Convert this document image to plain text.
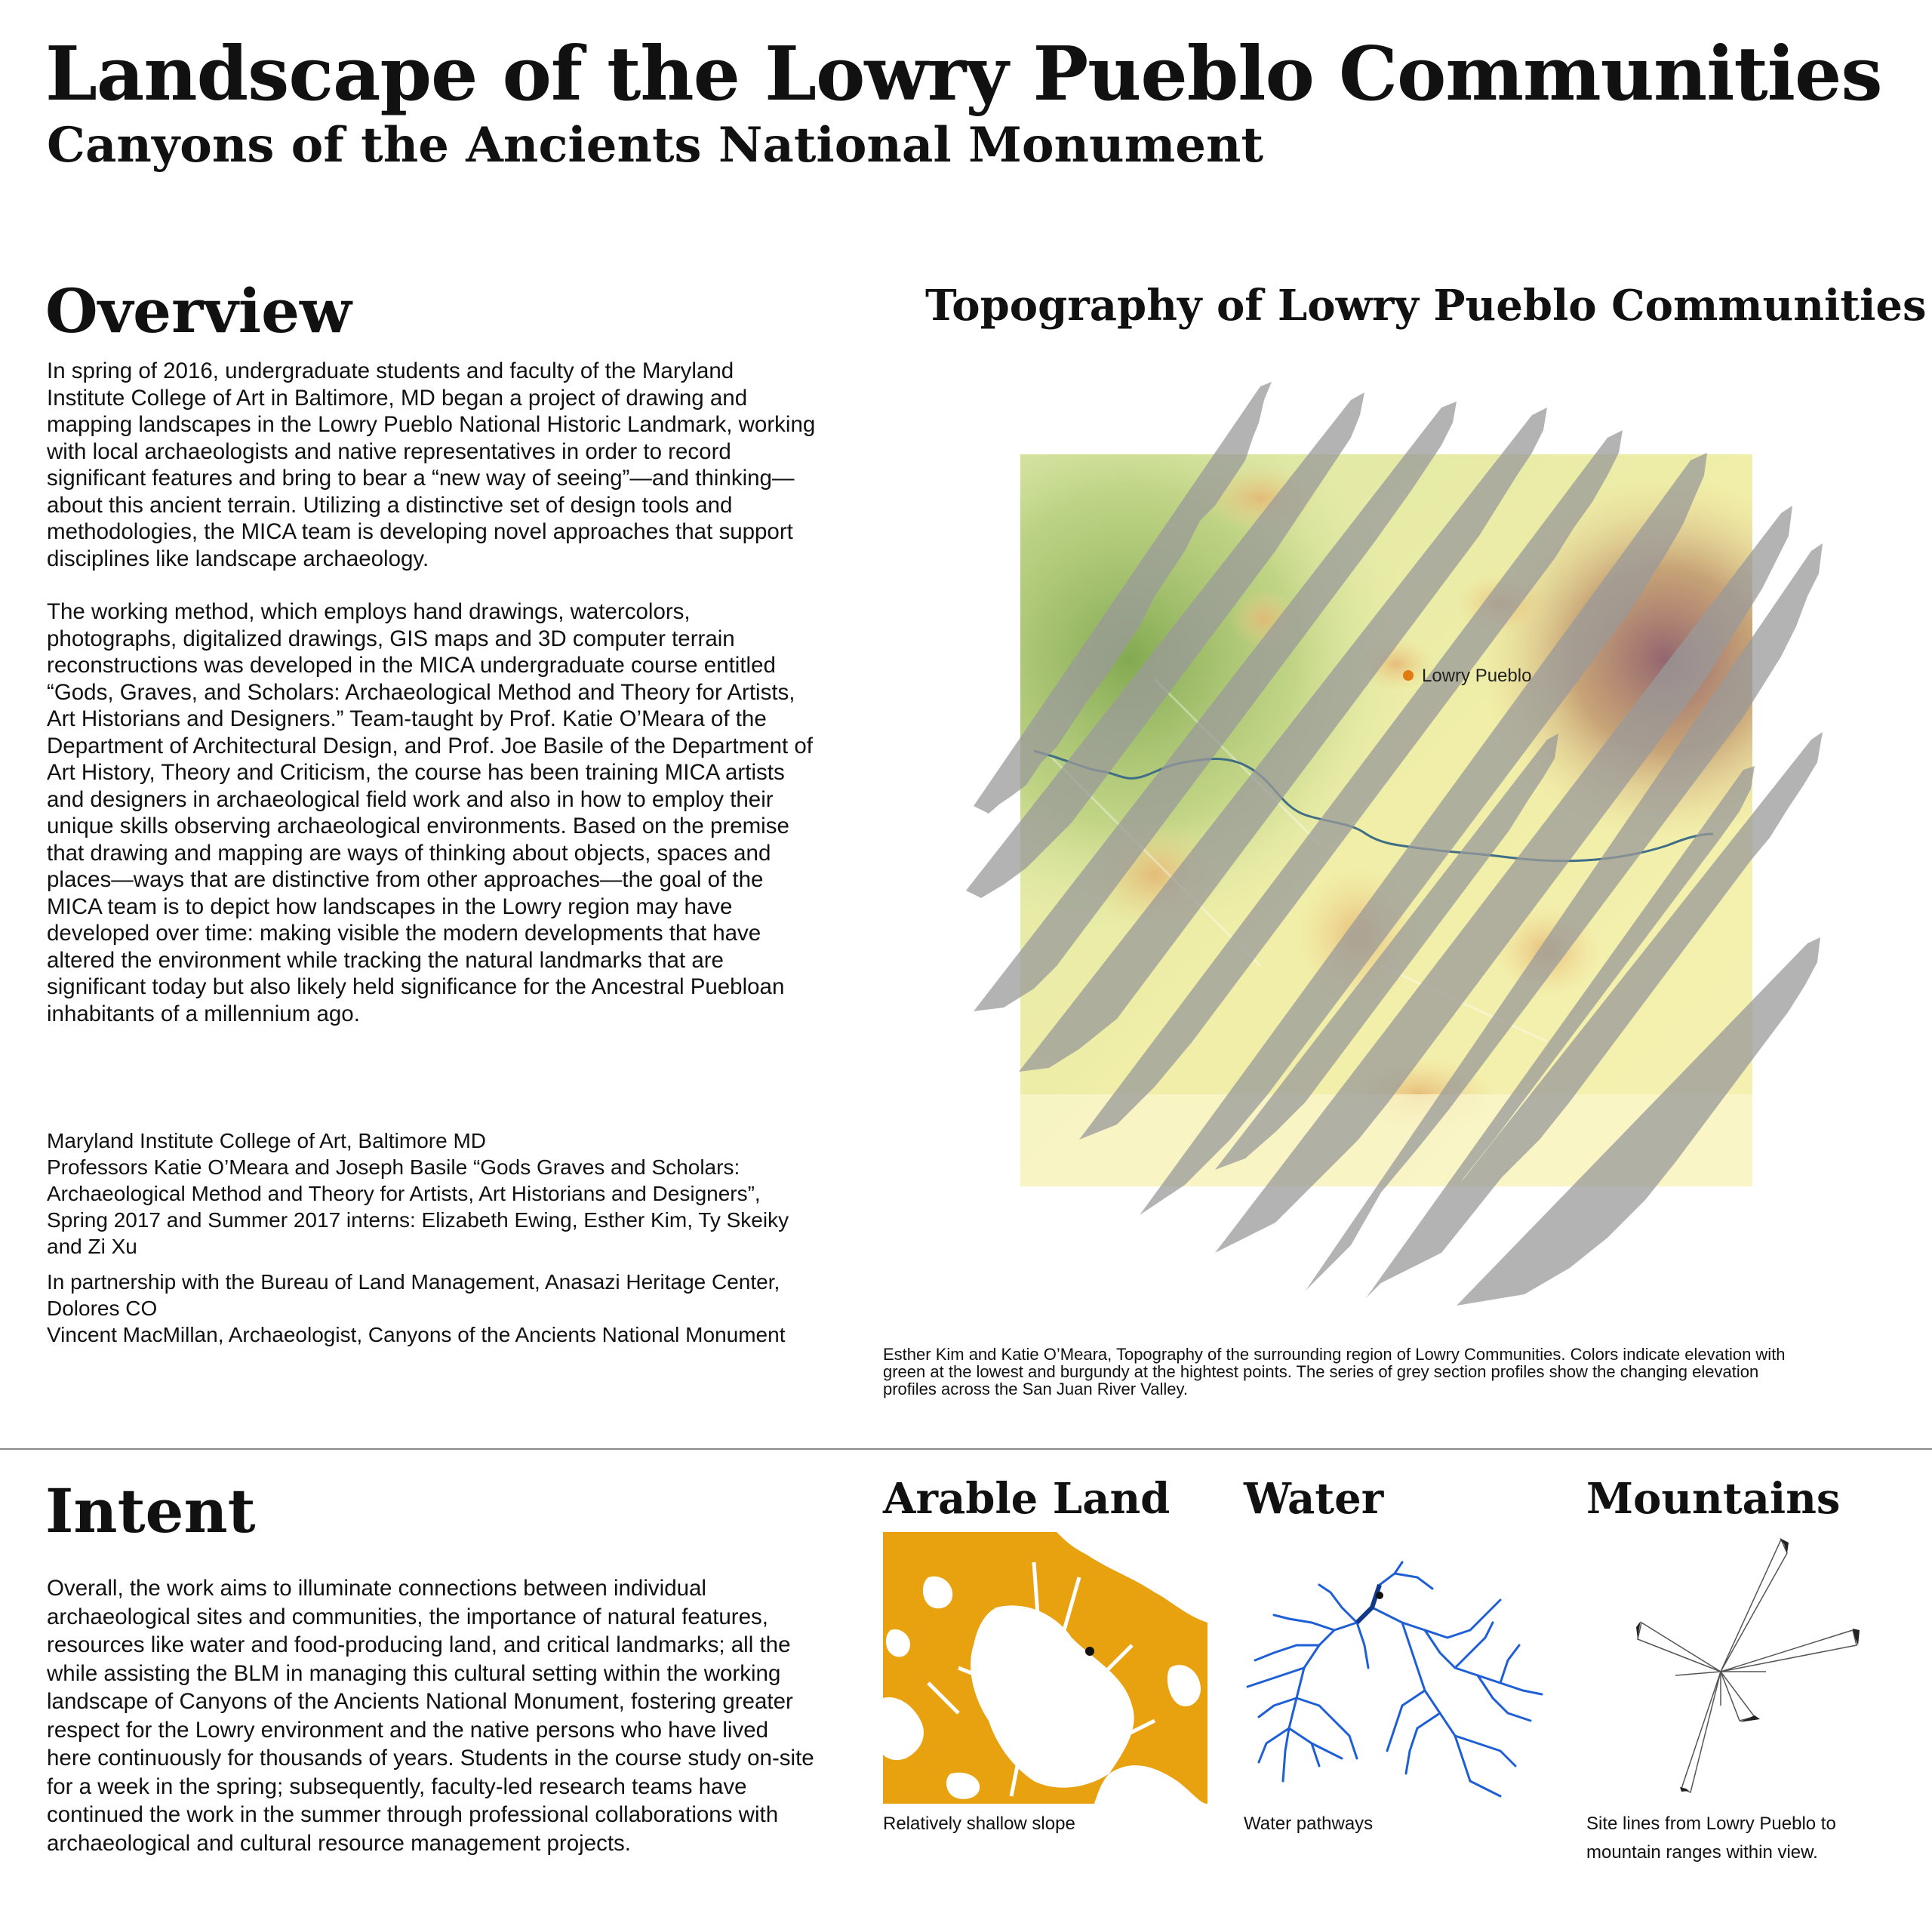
Landscape of the Lowry Pueblo Communities
Canyons of the Ancients National Monument
Overview

In spring of 2016, undergraduate students and faculty of the Maryland Institute College of Art in Baltimore, MD began a project of drawing and mapping landscapes in the Lowry Pueblo National Historic Landmark, working with local archaeologists and native representatives in order to record significant features and bring to bear a “new way of seeing”—and thinking—about this ancient terrain. Utilizing a distinctive set of design tools and methodologies, the MICA team is developing novel approaches that support disciplines like landscape archaeology.

The working method, which employs hand drawings, watercolors, photographs, digitalized drawings, GIS maps and 3D computer terrain reconstructions was developed in the MICA undergraduate course entitled “Gods, Graves, and Scholars: Archaeological Method and Theory for Artists, Art Historians and Designers.” Team-taught by Prof. Katie O’Meara of the Department of Architectural Design, and Prof. Joe Basile of the Department of Art History, Theory and Criticism, the course has been training MICA artists and designers in archaeological field work and also in how to employ their unique skills observing archaeological environments. Based on the premise that drawing and mapping are ways of thinking about objects, spaces and places—ways that are distinctive from other approaches—the goal of the MICA team is to depict how landscapes in the Lowry region may have developed over time: making visible the modern developments that have altered the environment while tracking the natural landmarks that are significant today but also likely held significance for the Ancestral Puebloan inhabitants of a millennium ago.

Maryland Institute College of Art, Baltimore MD
Professors Katie O’Meara and Joseph Basile “Gods Graves and Scholars: Archaeological Method and Theory for Artists, Art Historians and Designers”, Spring 2017 and Summer 2017 interns: Elizabeth Ewing, Esther Kim, Ty Skeiky and Zi Xu
In partnership with the Bureau of Land Management, Anasazi Heritage Center, Dolores CO
Vincent MacMillan, Archaeologist, Canyons of the Ancients National Monument
Topography of Lowry Pueblo Communities
Lowry Pueblo
Esther Kim and Katie O’Meara, Topography of the surrounding region of Lowry Communities. Colors indicate elevation with green at the lowest and burgundy at the hightest points. The series of grey section profiles show the changing elevation profiles across the San Juan River Valley.
Intent
Overall, the work aims to illuminate connections between individual archaeological sites and communities, the importance of natural features, resources like water and food-producing land, and critical landmarks; all the while assisting the BLM in managing this cultural setting within the working landscape of Canyons of the Ancients National Monument, fostering greater respect for the Lowry environment and the native persons who have lived here continuously for thousands of years. Students in the course study on-site for a week in the spring; subsequently, faculty-led research teams have continued the work in the summer through professional collaborations with archaeological and cultural resource management projects.
Arable Land
Relatively shallow slope
Water
Water pathways
Mountains
Site lines from Lowry Pueblo to mountain ranges within view.
